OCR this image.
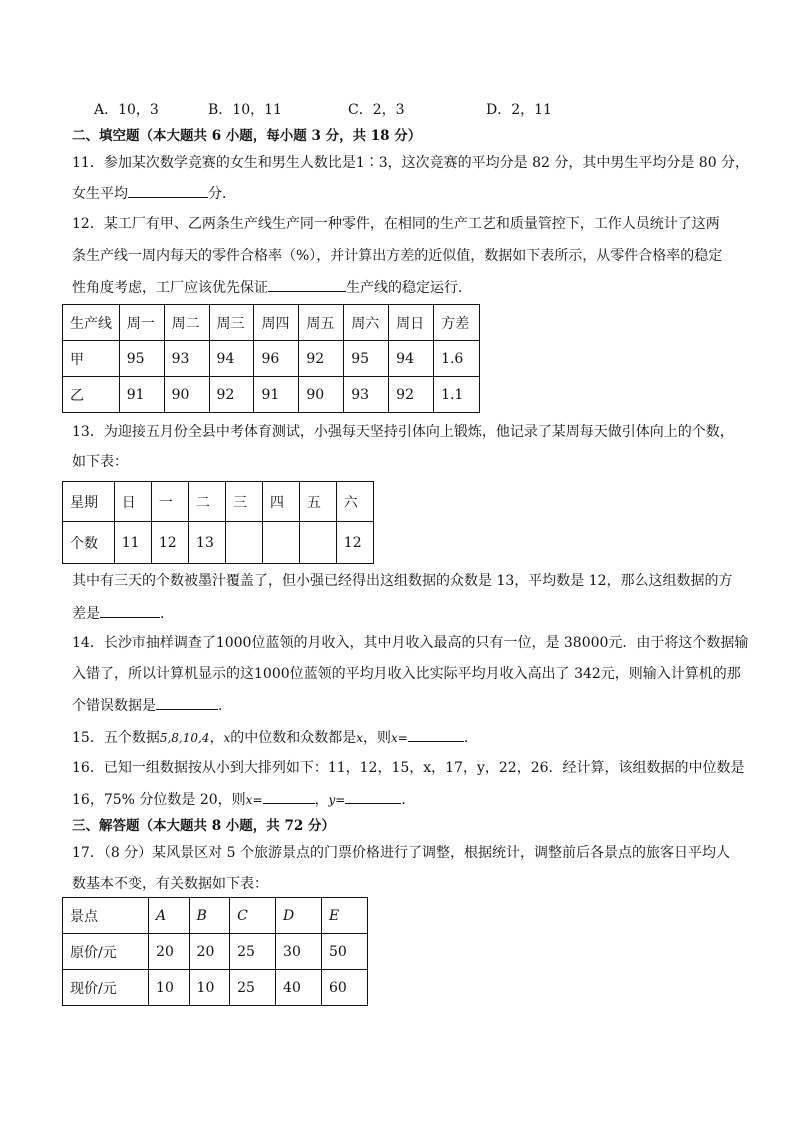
A．10，3	B．10，11	C．2，3	D．2，11
二、填空题（本大题共 6 小题，每小题 3 分，共 18 分）
11．参加某次数学竞赛的女生和男生人数比是1∶3，这次竞赛的平均分是 82 分，其中男生平均分是 80 分，
女生平均	分．
12．某工厂有甲、乙两条生产线生产同一种零件，在相同的生产工艺和质量管控下，工作人员统计了这两
条生产线一周内每天的零件合格率（%），并计算出方差的近似值，数据如下表所示，从零件合格率的稳定
性角度考虑，工厂应该优先保证	生产线的稳定运行．
生产线	周一	周二	周三	周四	周五	周六	周日	方差
甲	95	93	94	96	92	95	94	1.6
乙	91	90	92	91	90	93	92	1.1
13．为迎接五月份全县中考体育测试，小强每天坚持引体向上锻炼，他记录了某周每天做引体向上的个数，
如下表：
星期	日	一	二	三	四	五	六
个数	11	12	13				12
其中有三天的个数被墨汁覆盖了，但小强已经得出这组数据的众数是 13，平均数是 12，那么这组数据的方
差是	．
14．长沙市抽样调查了1000位蓝领的月收入，其中月收入最高的只有一位，是 38000元．由于将这个数据输
入错了，所以计算机显示的这1000位蓝领的平均月收入比实际平均月收入高出了 342元，则输入计算机的那
个错误数据是	．
15．五个数据5,8,10,4，x的中位数和众数都是x，则x=	．
16．已知一组数据按从小到大排列如下：11，12，15，x，17，y，22，26．经计算，该组数据的中位数是
16，75% 分位数是 20，则x=	，y=	．
三、解答题（本大题共 8 小题，共 72 分）
17．（8 分）某风景区对 5 个旅游景点的门票价格进行了调整，根据统计，调整前后各景点的旅客日平均人
数基本不变，有关数据如下表：
景点	A	B	C	D	E
原价/元	20	20	25	30	50
现价/元	10	10	25	40	60
